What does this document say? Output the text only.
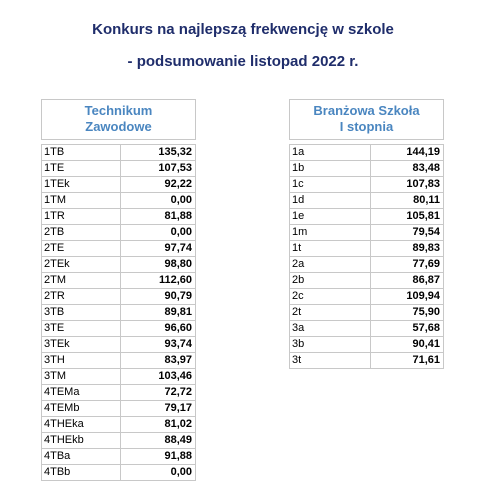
Konkurs na najlepszą frekwencję w szkole
- podsumowanie listopad 2022 r.
Technikum
Zawodowe	

1TB	135,32
1TE	107,53
1TEk	92,22
1TM	0,00
1TR	81,88
2TB	0,00
2TE	97,74
2TEk	98,80
2TM	112,60
2TR	90,79
3TB	89,81
3TE	96,60
3TEk	93,74
3TH	83,97
3TM	103,46
4TEMa	72,72
4TEMb	79,17
4THEka	81,02
4THEkb	88,49
4TBa	91,88
4TBb	0,00
Branżowa Szkoła
I stopnia	

1a	144,19
1b	83,48
1c	107,83
1d	80,11
1e	105,81
1m	79,54
1t	89,83
2a	77,69
2b	86,87
2c	109,94
2t	75,90
3a	57,68
3b	90,41
3t	71,61
